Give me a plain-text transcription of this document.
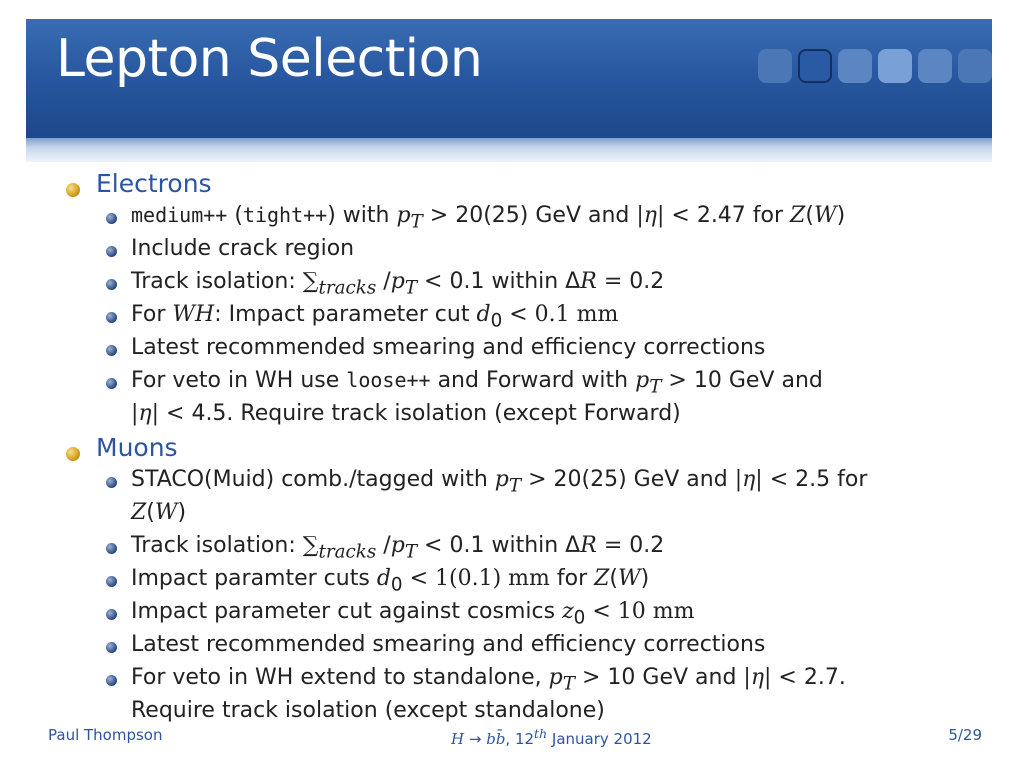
Lepton Selection
Electrons
medium++ (tight++) with $p_T > 20(25)$ GeV and |η| < 2.47 for Z(W)
Include crack region
Track isolation: $\sum_{tracks}$ $/p_T < 0.1$ within ΔR = 0.2
For WH: Impact parameter cut $d_0 < 0.1$ mm
Latest recommended smearing and efficiency corrections
For veto in WH use loose++ and Forward with $p_T > 10$ GeV and
|η| < 4.5. Require track isolation (except Forward)
Muons
STACO(Muid) comb./tagged with $p_T > 20(25)$ GeV and |η| < 2.5 for
Z(W)
Track isolation: $\sum_{tracks}$ $/p_T < 0.1$ within ΔR = 0.2
Impact paramter cuts $d_0 < 1(0.1)$ mm for Z(W)
Impact parameter cut against cosmics $z_0 < 10$ mm
Latest recommended smearing and efficiency corrections
For veto in WH extend to standalone, $p_T > 10$ GeV and |η| < 2.7.
Require track isolation (except standalone)
Paul Thompson	H → bb̄, 12th January 2012	5/29
